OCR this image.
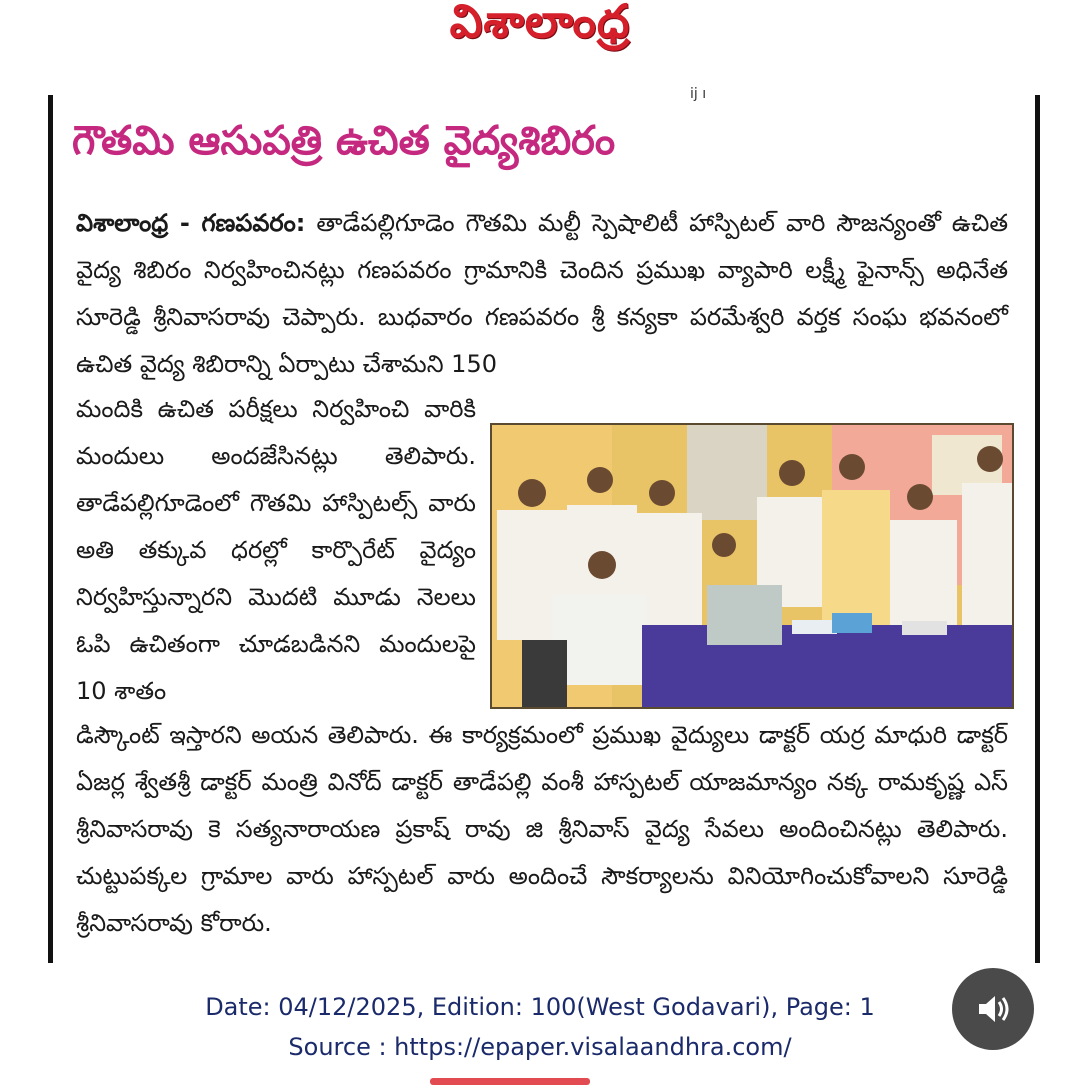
విశాలాంధ్ర
ij ı
గౌతమి ఆసుపత్రి ఉచిత వైద్యశిబిరం
విశాలాంధ్ర - గణపవరం: తాడేపల్లిగూడెం గౌతమి మల్టీ స్పెషాలిటీ హాస్పిటల్ వారి సౌజన్యంతో ఉచిత వైద్య శిబిరం నిర్వహించినట్లు గణపవరం గ్రామానికి చెందిన ప్రముఖ వ్యాపారి లక్ష్మీ ఫైనాన్స్ అధినేత సూరెడ్డి శ్రీనివాసరావు చెప్పారు. బుధవారం గణపవరం శ్రీ కన్యకా పరమేశ్వరి వర్తక సంఘ భవనంలో ఉచిత వైద్య శిబిరాన్ని ఏర్పాటు చేశామని 150
మందికి ఉచిత పరీక్షలు నిర్వహించి వారికి మందులు అందజేసినట్లు తెలిపారు. తాడేపల్లిగూడెంలో గౌతమి హాస్పిటల్స్ వారు అతి తక్కువ ధరల్లో కార్పొరేట్ వైద్యం నిర్వహిస్తున్నారని మొదటి మూడు నెలలు ఓపి ఉచితంగా చూడబడినని మందులపై 10 శాతం
డిస్కౌంట్ ఇస్తారని అయన తెలిపారు. ఈ కార్యక్రమంలో ప్రముఖ వైద్యులు డాక్టర్ యర్ర మాధురి డాక్టర్ ఏజర్ల శ్వేతశ్రీ డాక్టర్ మంత్రి వినోద్ డాక్టర్ తాడేపల్లి వంశీ హాస్పటల్ యాజమాన్యం నక్క రామకృష్ణ ఎస్ శ్రీనివాసరావు కె సత్యనారాయణ ప్రకాష్ రావు జి శ్రీనివాస్ వైద్య సేవలు అందించినట్లు తెలిపారు. చుట్టుపక్కల గ్రామాల వారు హాస్పటల్ వారు అందించే సౌకర్యాలను వినియోగించుకోవాలని సూరెడ్డి శ్రీనివాసరావు కోరారు.
Date: 04/12/2025, Edition: 100(West Godavari), Page: 1
Source : https://epaper.visalaandhra.com/
